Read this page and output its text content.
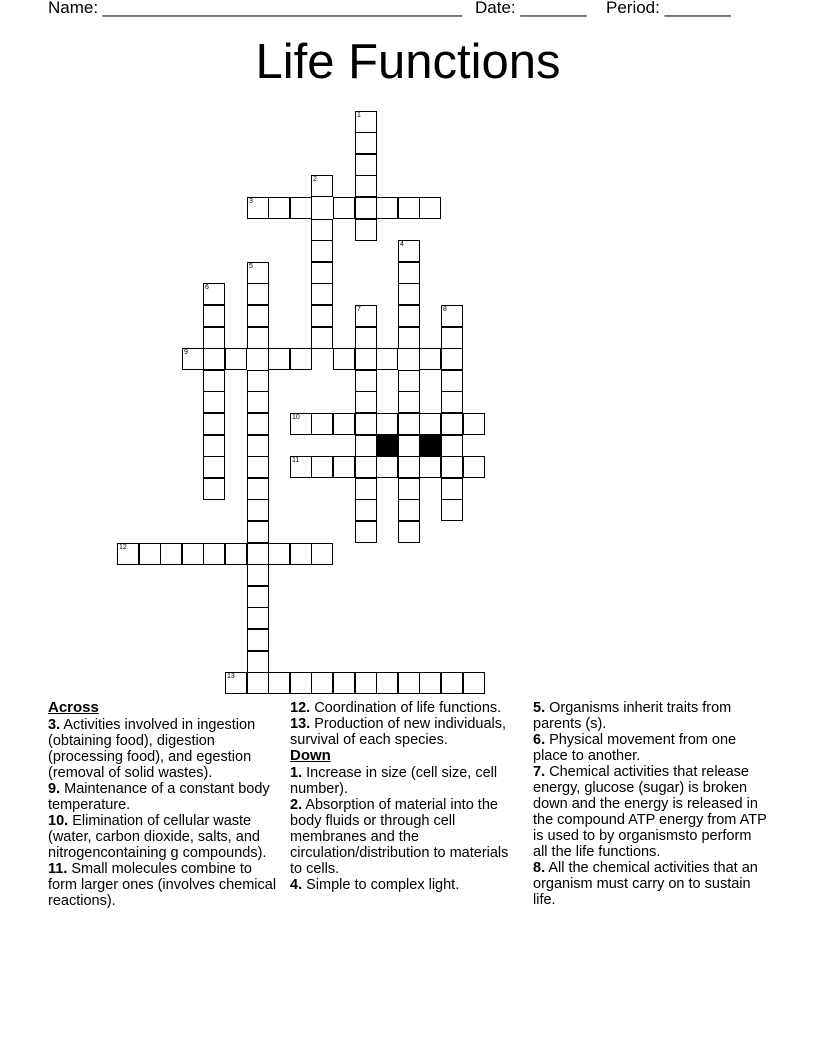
Name: ______________________________________ Date: _______ Period: _______
Life Functions
1
2
3
4
5
6
7	8
9
10
11
12
13
Across
3. Activities involved in ingestion (obtaining food), digestion (processing food), and egestion (removal of solid wastes).
9. Maintenance of a constant body temperature.
10. Elimination of cellular waste (water, carbon dioxide, salts, and nitrogencontaining g compounds).
11. Small molecules combine to form larger ones (involves chemical reactions).
12. Coordination of life functions.
13. Production of new individuals, survival of each species.
Down
1. Increase in size (cell size, cell number).
2. Absorption of material into the body fluids or through cell membranes and the circulation/distribution to materials to cells.
4. Simple to complex light.
5. Organisms inherit traits from parents (s).
6. Physical movement from one place to another.
7. Chemical activities that release energy, glucose (sugar) is broken down and the energy is released in the compound ATP energy from ATP is used to by organismsto perform all the life functions.
8. All the chemical activities that an organism must carry on to sustain life.
